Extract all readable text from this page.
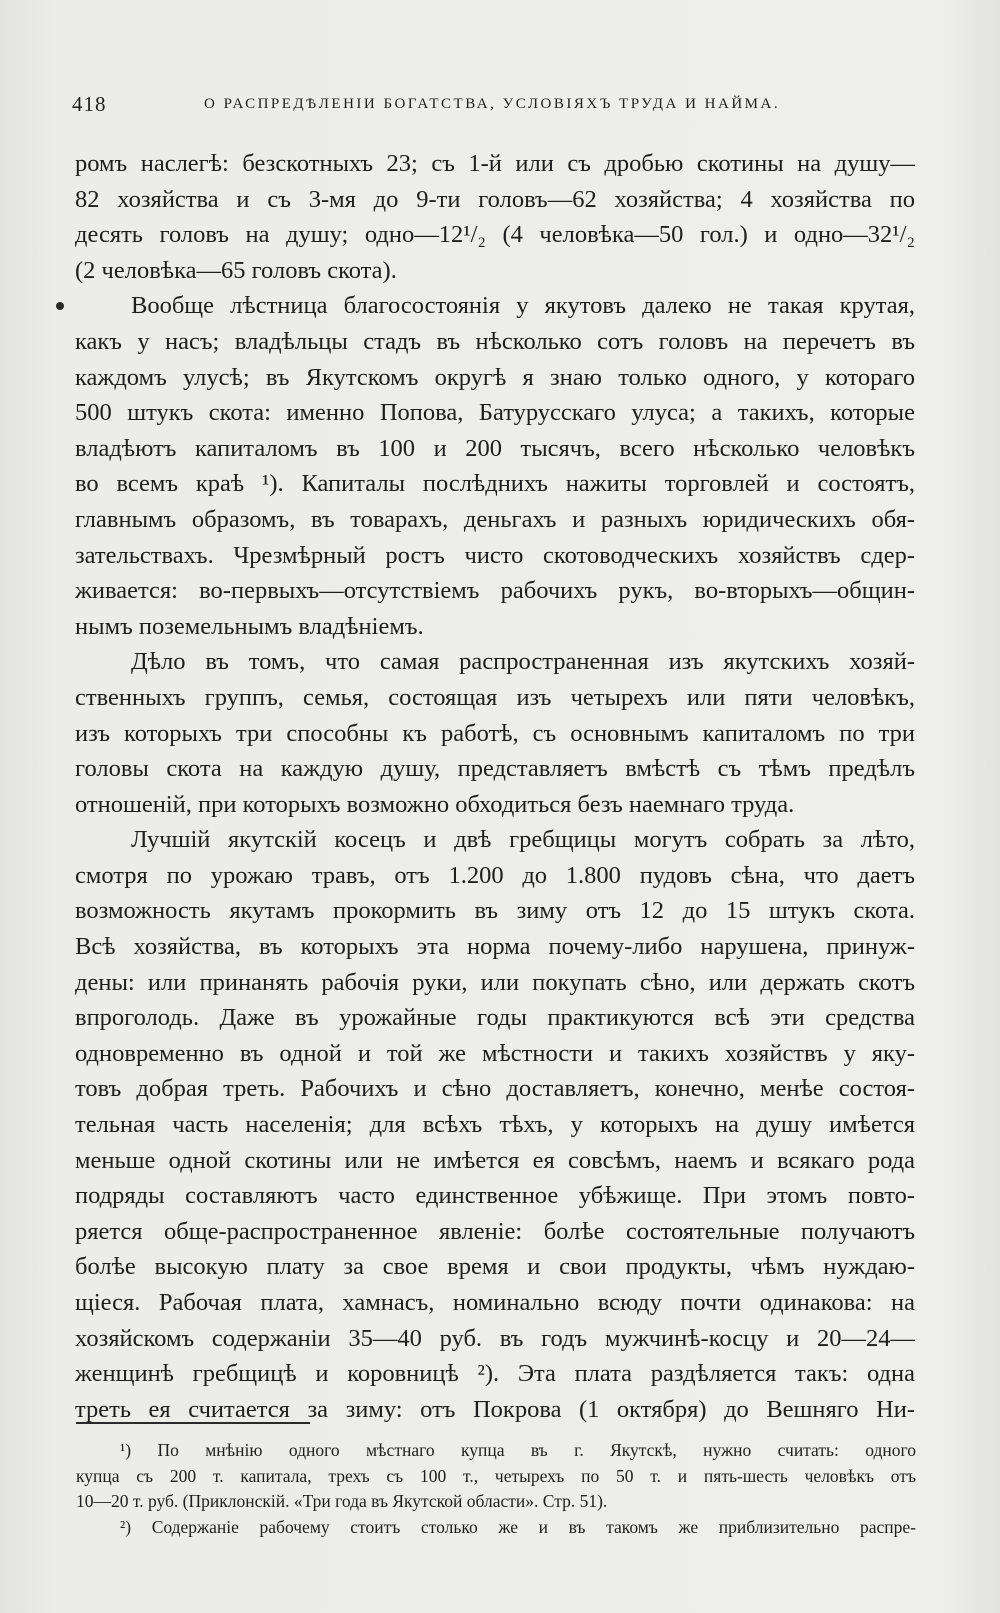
418	О РАСПРЕДѢЛЕНІИ БОГАТСТВА, УСЛОВІЯХЪ ТРУДА И НАЙМА.
ромъ наслегѣ: безскотныхъ 23; съ 1-й или съ дробью скотины на душу—
82 хозяйства и съ 3-мя до 9-ти головъ—62 хозяйства; 4 хозяйства по
десять головъ на душу; одно—12¹/₂ (4 человѣка—50 гол.) и одно—32¹/₂
(2 человѣка—65 головъ скота).
Вообще лѣстница благосостоянія у якутовъ далеко не такая крутая,
какъ у насъ; владѣльцы стадъ въ нѣсколько сотъ головъ на перечетъ въ
каждомъ улусѣ; въ Якутскомъ округѣ я знаю только одного, у котораго
500 штукъ скота: именно Попова, Батурусскаго улуса; а такихъ, которые
владѣютъ капиталомъ въ 100 и 200 тысячъ, всего нѣсколько человѣкъ
во всемъ краѣ ¹). Капиталы послѣднихъ нажиты торговлей и состоятъ,
главнымъ образомъ, въ товарахъ, деньгахъ и разныхъ юридическихъ обя-
зательствахъ. Чрезмѣрный ростъ чисто скотоводческихъ хозяйствъ сдер-
живается: во-первыхъ—отсутствіемъ рабочихъ рукъ, во-вторыхъ—общин-
нымъ поземельнымъ владѣніемъ.
Дѣло въ томъ, что самая распространенная изъ якутскихъ хозяй-
ственныхъ группъ, семья, состоящая изъ четырехъ или пяти человѣкъ,
изъ которыхъ три способны къ работѣ, съ основнымъ капиталомъ по три
головы скота на каждую душу, представляетъ вмѣстѣ съ тѣмъ предѣлъ
отношеній, при которыхъ возможно обходиться безъ наемнаго труда.
Лучшій якутскій косецъ и двѣ гребщицы могутъ собрать за лѣто,
смотря по урожаю травъ, отъ 1.200 до 1.800 пудовъ сѣна, что даетъ
возможность якутамъ прокормить въ зиму отъ 12 до 15 штукъ скота.
Всѣ хозяйства, въ которыхъ эта норма почему-либо нарушена, принуж-
дены: или принанять рабочія руки, или покупать сѣно, или держать скотъ
впроголодь. Даже въ урожайные годы практикуются всѣ эти средства
одновременно въ одной и той же мѣстности и такихъ хозяйствъ у яку-
товъ добрая треть. Рабочихъ и сѣно доставляетъ, конечно, менѣе состоя-
тельная часть населенія; для всѣхъ тѣхъ, у которыхъ на душу имѣется
меньше одной скотины или не имѣется ея совсѣмъ, наемъ и всякаго рода
подряды составляютъ часто единственное убѣжище. При этомъ повто-
ряется обще-распространенное явленіе: болѣе состоятельные получаютъ
болѣе высокую плату за свое время и свои продукты, чѣмъ нуждаю-
щіеся. Рабочая плата, хамнасъ, номинально всюду почти одинакова: на
хозяйскомъ содержаніи 35—40 руб. въ годъ мужчинѣ-косцу и 20—24—
женщинѣ гребщицѣ и коровницѣ ²). Эта плата раздѣляется такъ: одна
треть ея считается за зиму: отъ Покрова (1 октября) до Вешняго Ни-
¹) По мнѣнію одного мѣстнаго купца въ г. Якутскѣ, нужно считать: одного
купца съ 200 т. капитала, трехъ съ 100 т., четырехъ по 50 т. и пять-шесть человѣкъ отъ
10—20 т. руб. (Приклонскій. «Три года въ Якутской области». Стр. 51).
²) Содержаніе рабочему стоитъ столько же и въ такомъ же приблизительно распре-
